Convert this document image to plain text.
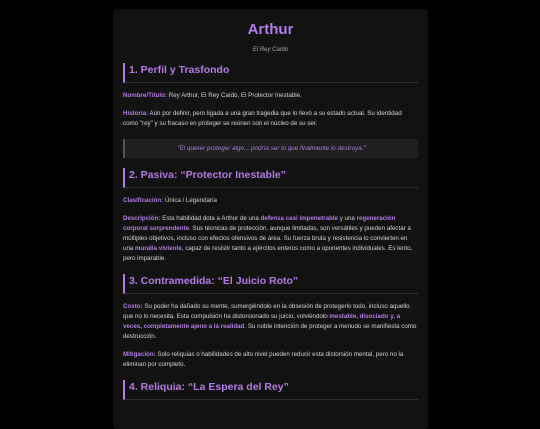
Arthur
El Rey Caído
1. Perfil y Trasfondo

Nombre/Título: Rey Arthur, El Rey Caído, El Protector Inestable.

Historia: Aún por definir, pero ligada a una gran tragedia que lo llevó a su estado actual. Su identidad como "rey" y su fracaso en proteger se reúnen son el núcleo de su ser.

"El querer proteger algo... podría ser lo que finalmente lo destruya."
2. Pasiva: “Protector Inestable”

Clasificación: Única / Legendaria

Descripción: Esta habilidad dota a Arthur de una defensa casi impenetrable y una regeneración corporal sorprendente. Sus técnicas de protección, aunque limitadas, son versátiles y pueden afectar a múltiples objetivos, incluso con efectos ofensivos de área. Su fuerza bruta y resistencia lo convierten en una muralla viviente, capaz de resistir tanto a ejércitos enteros como a oponentes individuales. Es lento, pero imparable.

3. Contramedida: “El Juicio Roto”

Costo: Su poder ha dañado su mente, sumergiéndolo en la obsesión de protegerlo todo, incluso aquello que no lo necesita. Esta compulsión ha distorsionado su juicio, volviéndolo inestable, disociado y, a veces, completamente ajeno a la realidad. Su noble intención de proteger a menudo se manifiesta como destrucción.

Mitigación: Solo reliquias o habilidades de alto nivel pueden reducir esta distorsión mental, pero no la eliminan por completo.

4. Reliquia: “La Espera del Rey”
